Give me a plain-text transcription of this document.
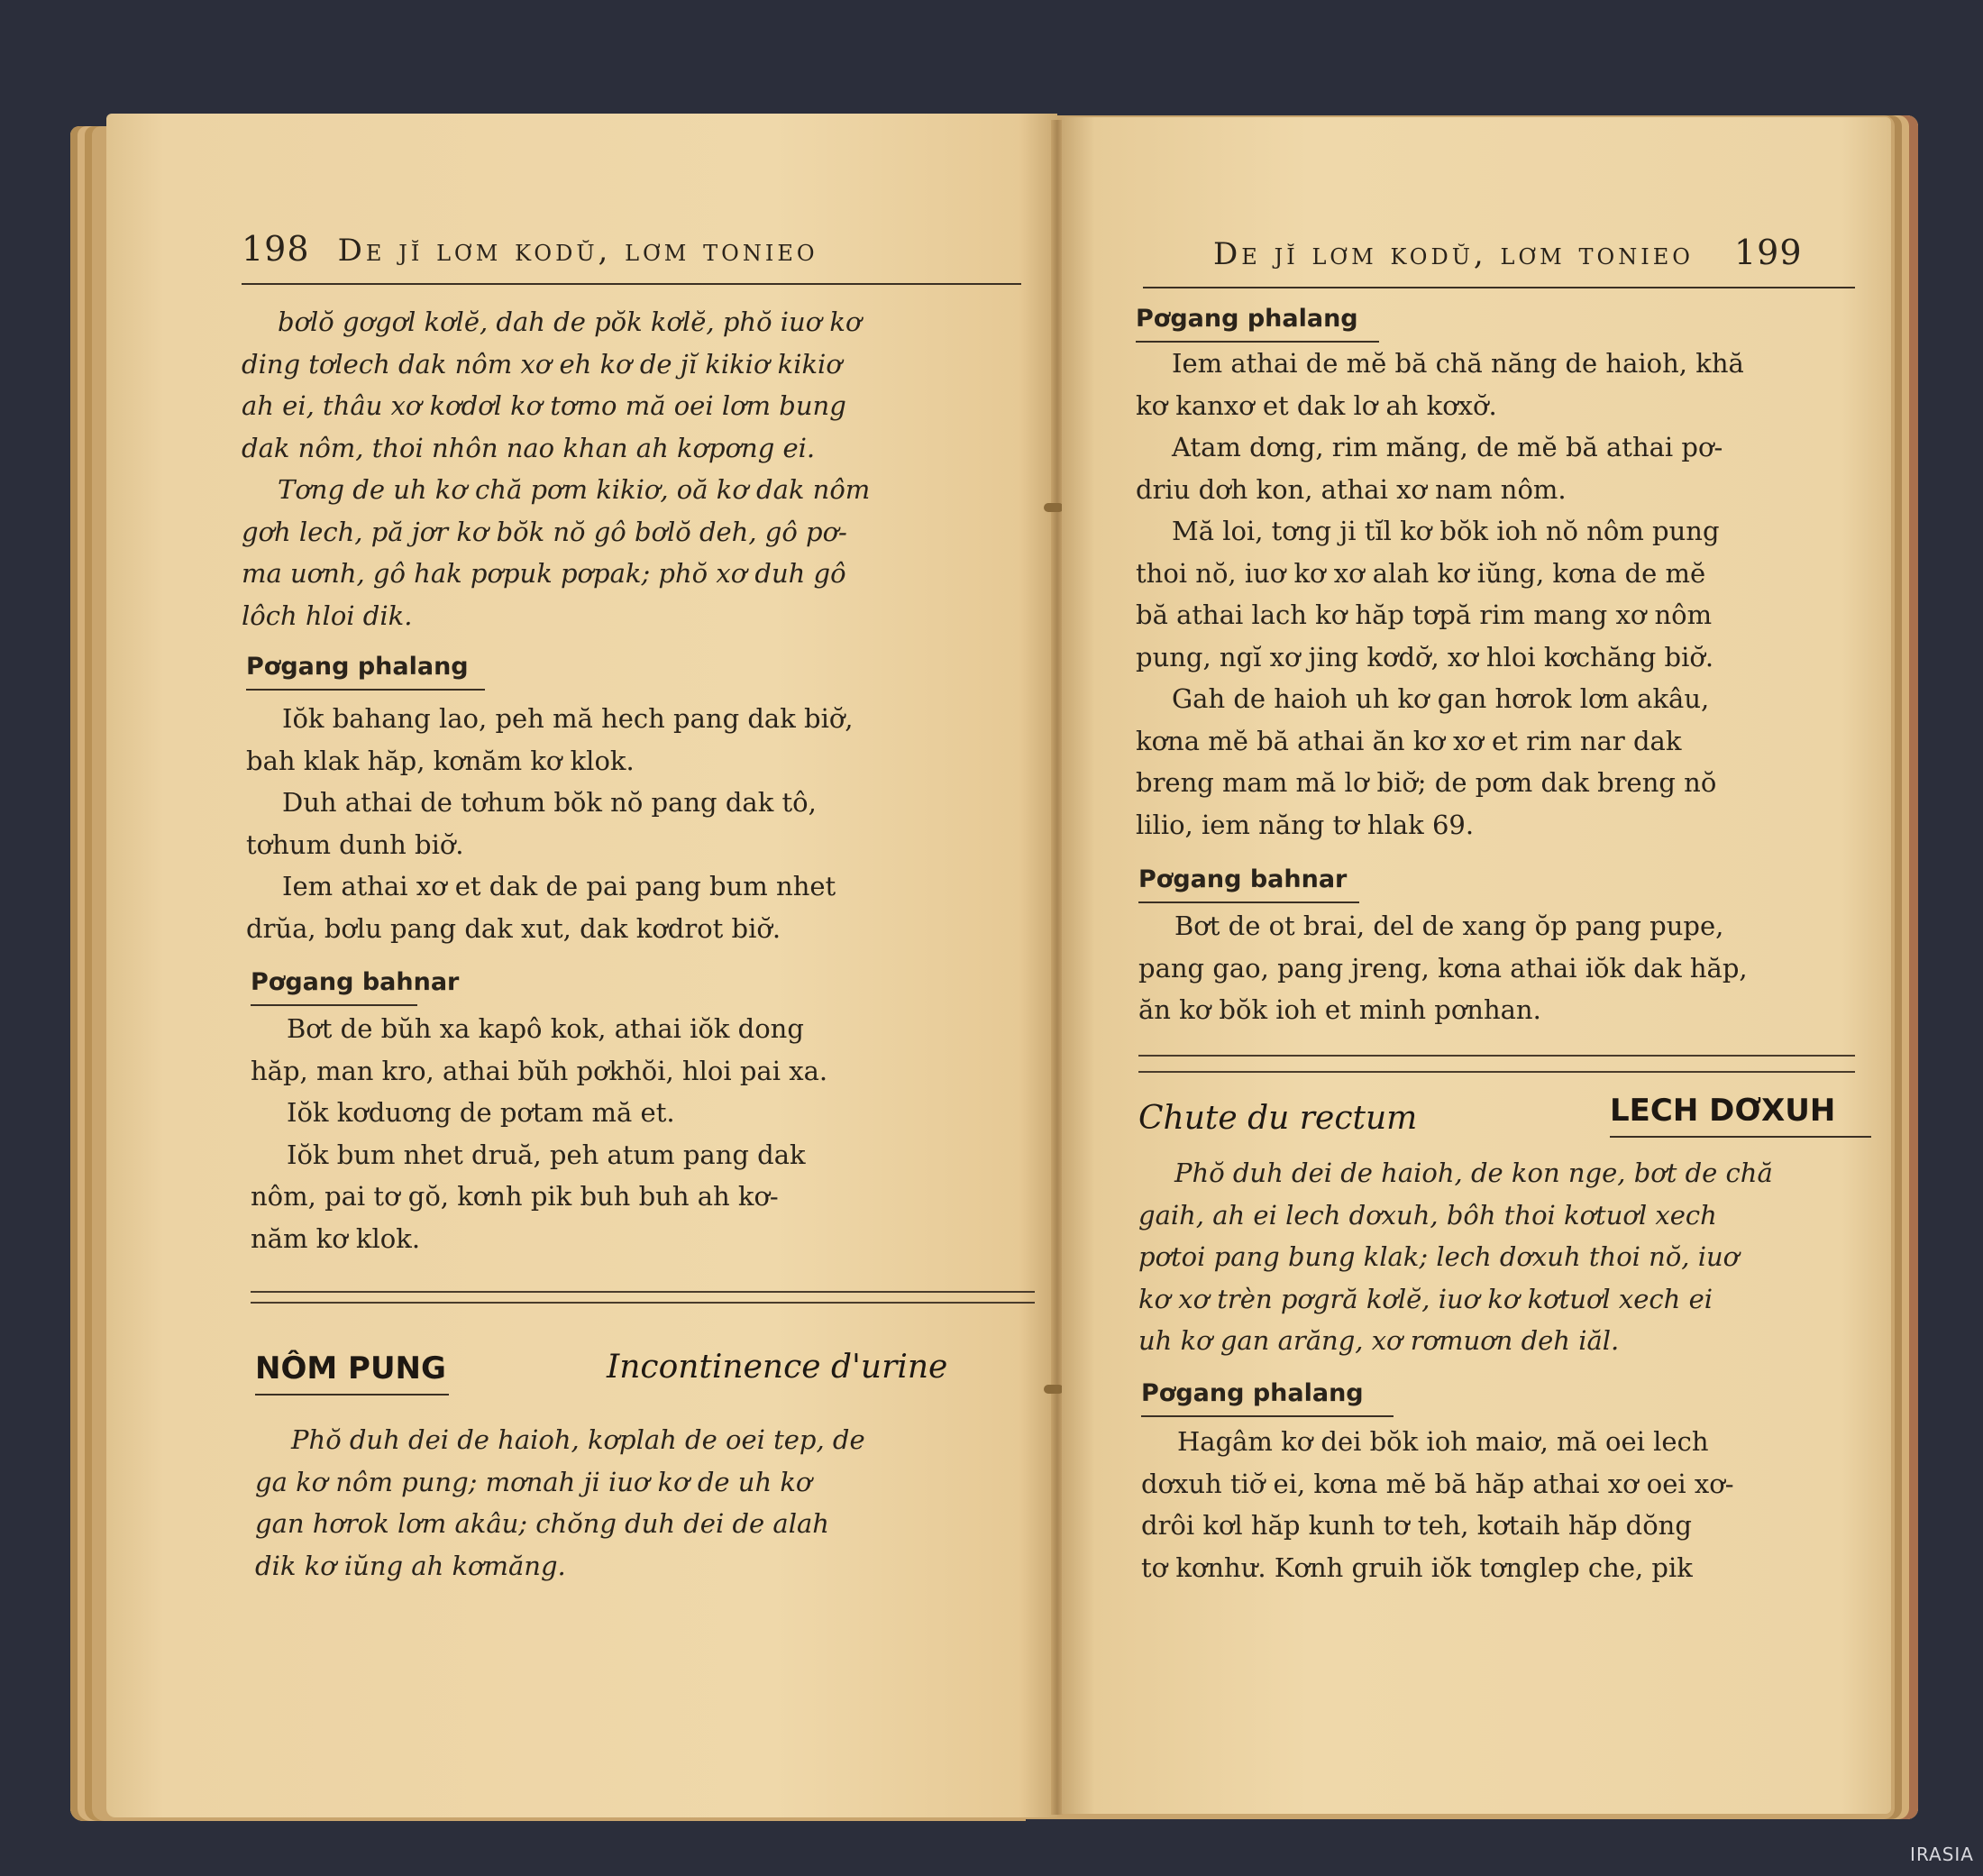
198 De jĭ lơm kodŭ, lơm tonieo
bơlŏ gơgơl kơlĕ, dah de pŏk kơlĕ, phŏ iuơ kơ
ding tơlech dak nôm xơ eh kơ de jĭ kikiơ kikiơ
ah ei, thâu xơ kơdơl kơ tơmo mă oei lơm bung
dak nôm, thoi nhôn nao khan ah kơpơng ei.
Tơng de uh kơ chă pơm kikiơ, oă kơ dak nôm
gơh lech, pă jơr kơ bŏk nŏ gô bơlŏ deh, gô pơ-
ma uơnh, gô hak pơpuk pơpak; phŏ xơ duh gô
lôch hloi dik.
Pơgang phalang
Iŏk bahang lao, peh mă hech pang dak biơ̆,
bah klak hăp, kơnăm kơ klok.
Duh athai de tơhum bŏk nŏ pang dak tô,
tơhum dunh biơ̆.
Iem athai xơ et dak de pai pang bum nhet
drŭa, bơlu pang dak xut, dak kơdrot biơ̆.
Pơgang bahnar
Bơt de bŭh xa kapô kok, athai iŏk dong
hăp, man kro, athai bŭh pơkhŏi, hloi pai xa.
Iŏk kơduơng de pơtam mă et.
Iŏk bum nhet druă, peh atum pang dak
nôm, pai tơ gŏ, kơnh pik buh buh ah kơ-
năm kơ klok.
NÔM PUNG	Incontinence d'urine
Phŏ duh dei de haioh, kơplah de oei tep, de
ga kơ nôm pung; mơnah ji iuơ kơ de uh kơ
gan hơrok lơm akâu; chŏng duh dei de alah
dik kơ iŭng ah kơmăng.
De jĭ lơm kodŭ, lơm tonieo 199
Pơgang phalang
Iem athai de mĕ bă chă năng de haioh, khă
kơ kanxơ et dak lơ ah kơxơ̆.
Atam dơng, rim măng, de mĕ bă athai pơ-
driu dơh kon, athai xơ nam nôm.
Mă loi, tơng ji tĭl kơ bŏk ioh nŏ nôm pung
thoi nŏ, iuơ kơ xơ alah kơ iŭng, kơna de mĕ
bă athai lach kơ hăp tơpă rim mang xơ nôm
pung, ngĭ xơ jing kơdơ̆, xơ hloi kơchăng biơ̆.
Gah de haioh uh kơ gan hơrok lơm akâu,
kơna mĕ bă athai ăn kơ xơ et rim nar dak
breng mam mă lơ biơ̆; de pơm dak breng nŏ
lilio, iem năng tơ hlak 69.
Pơgang bahnar
Bơt de ot brai, del de xang ŏp pang pupe,
pang gao, pang jreng, kơna athai iŏk dak hăp,
ăn kơ bŏk ioh et minh pơnhan.
Chute du rectum	LECH DƠXUH
Phŏ duh dei de haioh, de kon nge, bơt de chă
gaih, ah ei lech dơxuh, bôh thoi kơtuơl xech
pơtoi pang bung klak; lech dơxuh thoi nŏ, iuơ
kơ xơ trèn pơgră kơlĕ, iuơ kơ kơtuơl xech ei
uh kơ gan arăng, xơ rơmuơn deh iăl.
Pơgang phalang
Hagâm kơ dei bŏk ioh maiơ, mă oei lech
dơxuh tiơ̆ ei, kơna mĕ bă hăp athai xơ oei xơ-
drôi kơl hăp kunh tơ teh, kơtaih hăp dŏng
tơ kơnhư. Kơnh gruih iŏk tơnglep che, pik
IRASIA
